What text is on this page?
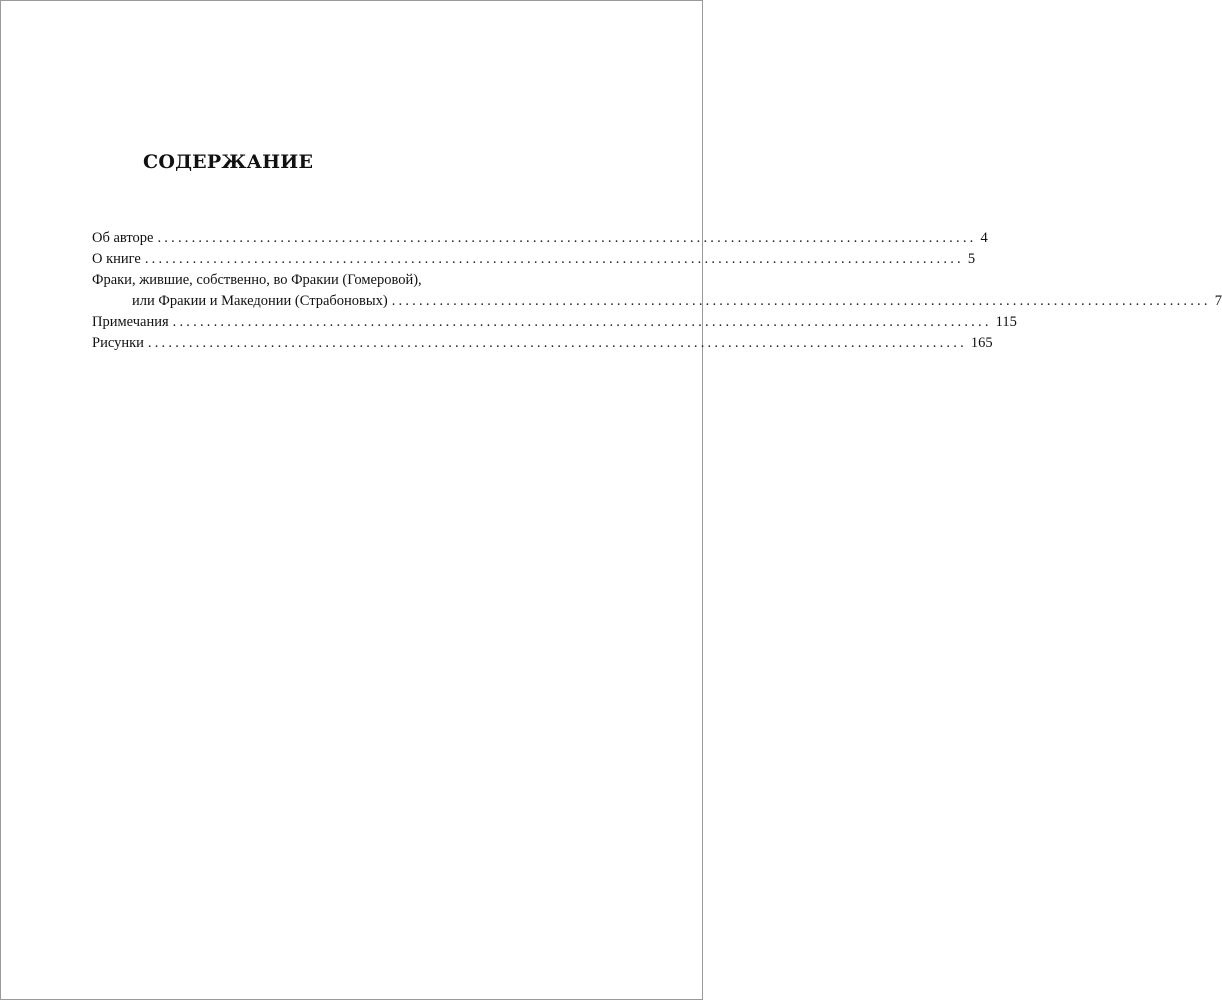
СОДЕРЖАНИЕ
Об авторе ........................................................................................................................ 4
О книге ........................................................................................................................ 5
Фраки, жившие, собственно, во Фракии (Гомеровой),
или Фракии и Македонии (Страбоновых) ........................................................................................................................ 7
Примечания ........................................................................................................................ 115
Рисунки ........................................................................................................................ 165
